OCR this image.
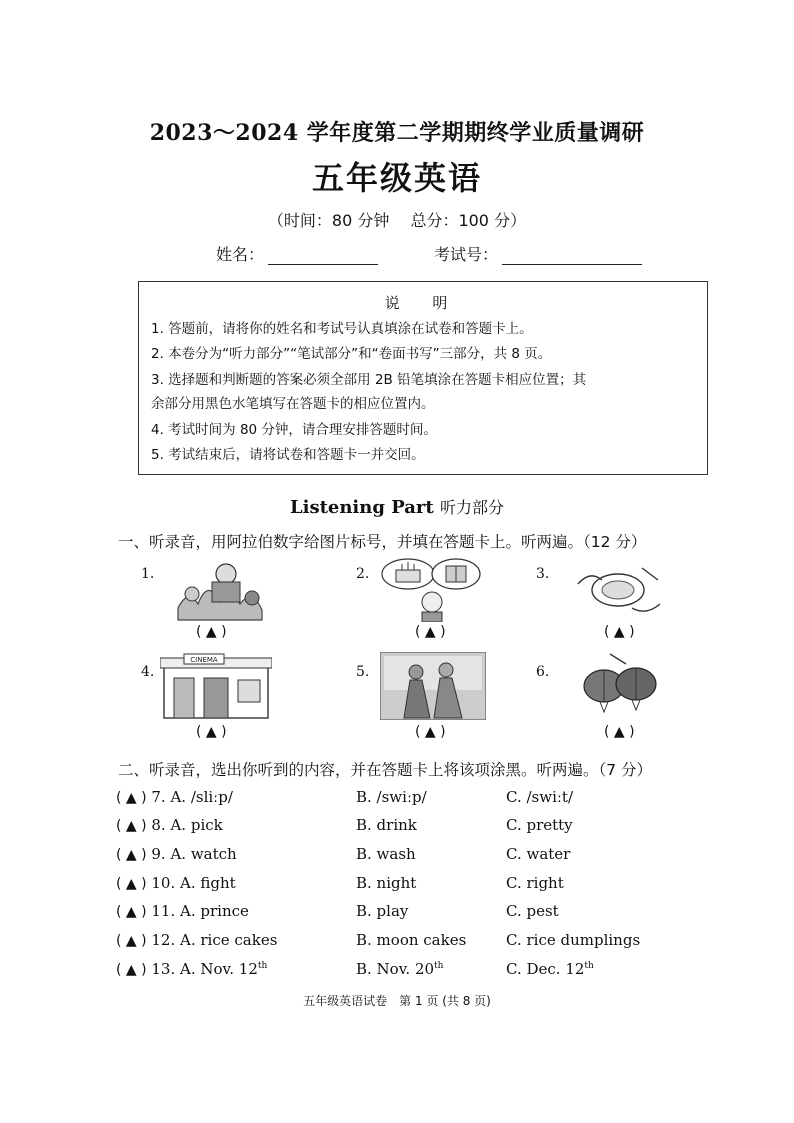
2023～2024 学年度第二学期期终学业质量调研
五年级英语
（时间：80 分钟　 总分：100 分）
姓名：	考试号：
说 明
1. 答题前，请将你的姓名和考试号认真填涂在试卷和答题卡上。
2. 本卷分为“听力部分”“笔试部分”和“卷面书写”三部分，共 8 页。
3. 选择题和判断题的答案必须全部用 2B 铅笔填涂在答题卡相应位置；其
余部分用黑色水笔填写在答题卡的相应位置内。
4. 考试时间为 80 分钟，请合理安排答题时间。
5. 考试结束后，请将试卷和答题卡一并交回。
Listening Part 听力部分
一、听录音，用阿拉伯数字给图片标号，并填在答题卡上。听两遍。（12 分）
1.
( ▲ )
2.
( ▲ )
3.
( ▲ )
4.
CINEMA
( ▲ )
5.
( ▲ )
6.
( ▲ )
二、听录音，选出你听到的内容，并在答题卡上将该项涂黑。听两遍。（7 分）
( ▲ ) 7. A. /sliːp/	B. /swiːp/	C. /swiːt/
( ▲ ) 8. A. pick	B. drink	C. pretty
( ▲ ) 9. A. watch	B. wash	C. water
( ▲ ) 10. A. fight	B. night	C. right
( ▲ ) 11. A. prince	B. play	C. pest
( ▲ ) 12. A. rice cakes	B. moon cakes	C. rice dumplings
( ▲ ) 13. A. Nov. 12th	B. Nov. 20th	C. Dec. 12th
五年级英语试卷　第 1 页 (共 8 页)
